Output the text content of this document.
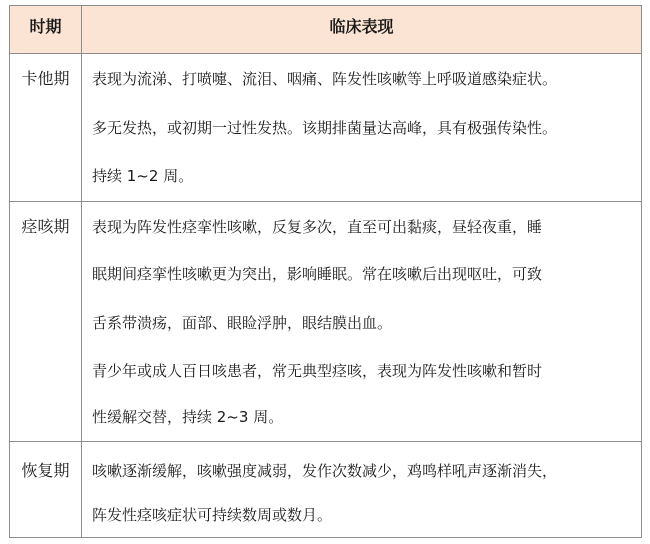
时期	临床表现
卡他期	表现为流涕、打喷嚏、流泪、咽痛、阵发性咳嗽等上呼吸道感染症状。
多无发热，或初期一过性发热。该期排菌量达高峰，具有极强传染性。
持续 1~2 周。
痉咳期	表现为阵发性痉挛性咳嗽，反复多次，直至可出黏痰，昼轻夜重，睡
眠期间痉挛性咳嗽更为突出，影响睡眠。常在咳嗽后出现呕吐，可致
舌系带溃疡，面部、眼睑浮肿，眼结膜出血。
青少年或成人百日咳患者，常无典型痉咳，表现为阵发性咳嗽和暂时
性缓解交替，持续 2~3 周。
恢复期	咳嗽逐渐缓解，咳嗽强度减弱，发作次数减少，鸡鸣样吼声逐渐消失，
阵发性痉咳症状可持续数周或数月。
